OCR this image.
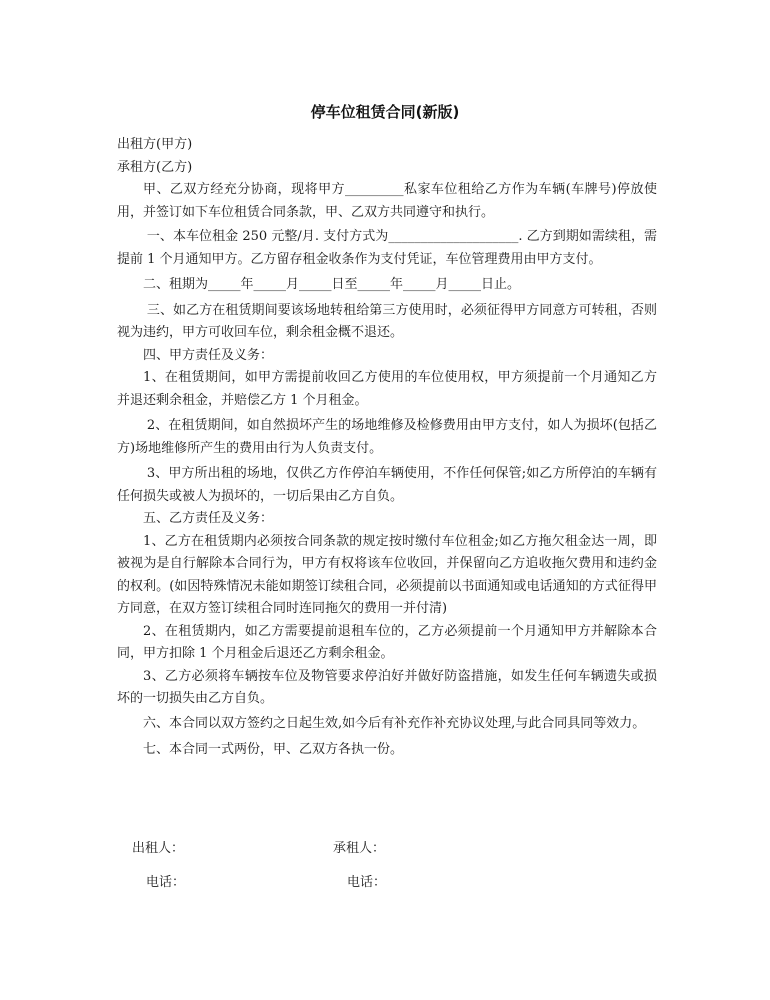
停车位租赁合同(新版)

出租方(甲方)

承租方(乙方)

甲、乙双方经充分协商，现将甲方_________私家车位租给乙方作为车辆(车牌号)停放使用，并签订如下车位租赁合同条款，甲、乙双方共同遵守和执行。

一、本车位租金 250 元整/月. 支付方式为____________________. 乙方到期如需续租，需提前 1 个月通知甲方。乙方留存租金收条作为支付凭证，车位管理费用由甲方支付。

二、租期为_____年_____月_____日至_____年_____月_____日止。

三、如乙方在租赁期间要该场地转租给第三方使用时，必须征得甲方同意方可转租，否则视为违约，甲方可收回车位，剩余租金概不退还。

四、甲方责任及义务：

1、在租赁期间，如甲方需提前收回乙方使用的车位使用权，甲方须提前一个月通知乙方并退还剩余租金，并赔偿乙方 1 个月租金。

2、在租赁期间，如自然损坏产生的场地维修及检修费用由甲方支付，如人为损坏(包括乙方)场地维修所产生的费用由行为人负责支付。

3、甲方所出租的场地，仅供乙方作停泊车辆使用，不作任何保管;如乙方所停泊的车辆有任何损失或被人为损坏的，一切后果由乙方自负。

五、乙方责任及义务：

1、乙方在租赁期内必须按合同条款的规定按时缴付车位租金;如乙方拖欠租金达一周，即被视为是自行解除本合同行为，甲方有权将该车位收回，并保留向乙方追收拖欠费用和违约金的权利。(如因特殊情况未能如期签订续租合同，必须提前以书面通知或电话通知的方式征得甲方同意，在双方签订续租合同时连同拖欠的费用一并付清)

2、在租赁期内，如乙方需要提前退租车位的，乙方必须提前一个月通知甲方并解除本合同，甲方扣除 1 个月租金后退还乙方剩余租金。

3、乙方必须将车辆按车位及物管要求停泊好并做好防盗措施，如发生任何车辆遗失或损坏的一切损失由乙方自负。

六、本合同以双方签约之日起生效,如今后有补充作补充协议处理,与此合同具同等效力。

七、本合同一式两份，甲、乙双方各执一份。

出租人：	承租人：
电话：	电话：
